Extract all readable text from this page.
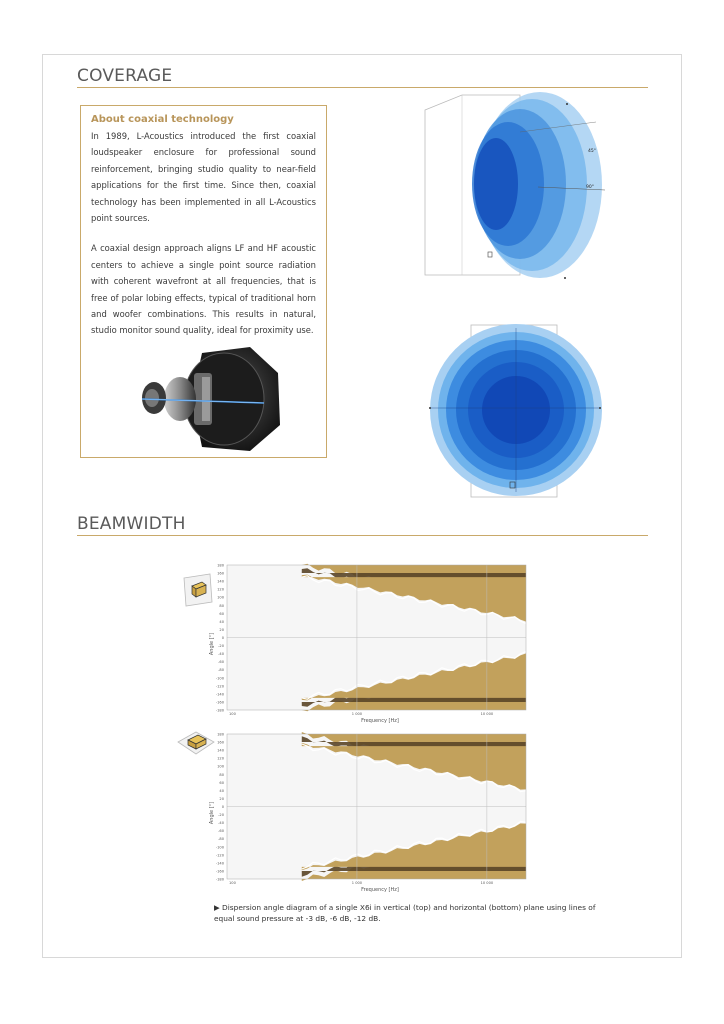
COVERAGE
About coaxial technology

In 1989, L-Acoustics introduced the first coaxial loudspeaker enclosure for professional sound reinforcement, bringing studio quality to near-field applications for the first time. Since then, coaxial technology has been implemented in all L-Acoustics point sources.

A coaxial design approach aligns LF and HF acoustic centers to achieve a single point source radiation with coherent wavefront at all frequencies, that is free of polar lobing effects, typical of traditional horn and woofer combinations. This results in natural, studio monitor sound quality, ideal for proximity use.

45°
90°
BEAMWIDTH
180
160
140
120
100
80
60
40
20
0
-20
-40
-60
-80
-100
-120
-140
-160
-180
100	1 000	10 000
Angle [°]
Frequency [Hz]
180
160
140
120
100
80
60
40
20
0
-20
-40
-60
-80
-100
-120
-140
-160
-180
100	1 000	10 000
Angle [°]
Frequency [Hz]
▶ Dispersion angle diagram of a single X6i in vertical (top) and horizontal (bottom) plane using lines of equal sound pressure at -3 dB, -6 dB, -12 dB.
